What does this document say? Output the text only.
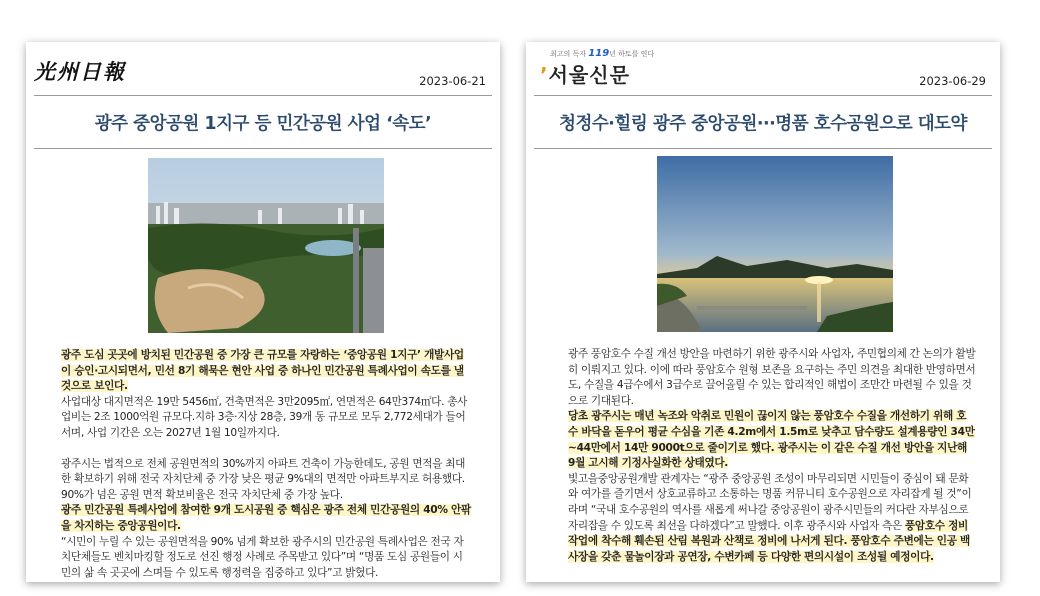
光州日報	2023-06-21
광주 중앙공원 1지구 등 민간공원 사업 ‘속도’

광주 도심 곳곳에 방치된 민간공원 중 가장 큰 규모를 자랑하는 ‘중앙공원 1지구’ 개발사업이 승인·고시되면서, 민선 8기 해묵은 현안 사업 중 하나인 민간공원 특례사업이 속도를 낼 것으로 보인다.
사업대상 대지면적은 19만 5456㎡, 건축면적은 3만2095㎡, 연면적은 64만374㎡다. 총사업비는 2조 1000억원 규모다.지하 3층·지상 28층, 39개 동 규모로 모두 2,772세대가 들어서며, 사업 기간은 오는 2027년 1월 10일까지다.

광주시는 법적으로 전체 공원면적의 30%까지 아파트 건축이 가능한데도, 공원 면적을 최대한 확보하기 위해 전국 자치단체 중 가장 낮은 평균 9%대의 면적만 아파트부지로 허용했다. 90%가 넘은 공원 면적 확보비율은 전국 자치단체 중 가장 높다.
광주 민간공원 특례사업에 참여한 9개 도시공원 중 핵심은 광주 전체 민간공원의 40% 안팎을 차지하는 중앙공원이다.
“시민이 누릴 수 있는 공원면적을 90% 넘게 확보한 광주시의 민간공원 특례사업은 전국 자치단체들도 벤치마킹할 정도로 선진 행정 사례로 주목받고 있다”며 “명품 도심 공원들이 시민의 삶 속 곳곳에 스며들 수 있도록 행정력을 집중하고 있다”고 밝혔다.

최고의 독자 119년 하토를 연다
’서울신문	2023-06-29
청정수·힐링 광주 중앙공원···명품 호수공원으로 대도약

광주 풍암호수 수질 개선 방안을 마련하기 위한 광주시와 사업자, 주민협의체 간 논의가 활발히 이뤄지고 있다. 이에 따라 풍암호수 원형 보존을 요구하는 주민 의견을 최대한 반영하면서도, 수질을 4급수에서 3급수로 끌어올릴 수 있는 합리적인 해법이 조만간 마련될 수 있을 것으로 기대된다.

당초 광주시는 매년 녹조와 악취로 민원이 끊이지 않는 풍암호수 수질을 개선하기 위해 호수 바닥을 돋우어 평균 수심을 기존 4.2m에서 1.5m로 낮추고 담수량도 설계용량인 34만~44만에서 14만 9000t으로 줄이기로 했다. 광주시는 이 같은 수질 개선 방안을 지난해 9월 고시해 기정사실화한 상태였다.

빛고을중앙공원개발 관계자는 “광주 중앙공원 조성이 마무리되면 시민들이 중심이 돼 문화와 여가를 즐기면서 상호교류하고 소통하는 명품 커뮤니티 호수공원으로 자리잡게 될 것”이라며 “국내 호수공원의 역사를 새롭게 써나갈 중앙공원이 광주시민들의 커다란 자부심으로 자리잡을 수 있도록 최선을 다하겠다”고 말했다. 이후 광주시와 사업자 측은 풍암호수 정비작업에 착수해 훼손된 산림 복원과 산책로 정비에 나서게 된다. 풍암호수 주변에는 인공 백사장을 갖춘 물놀이장과 공연장, 수변카페 등 다양한 편의시설이 조성될 예정이다.
